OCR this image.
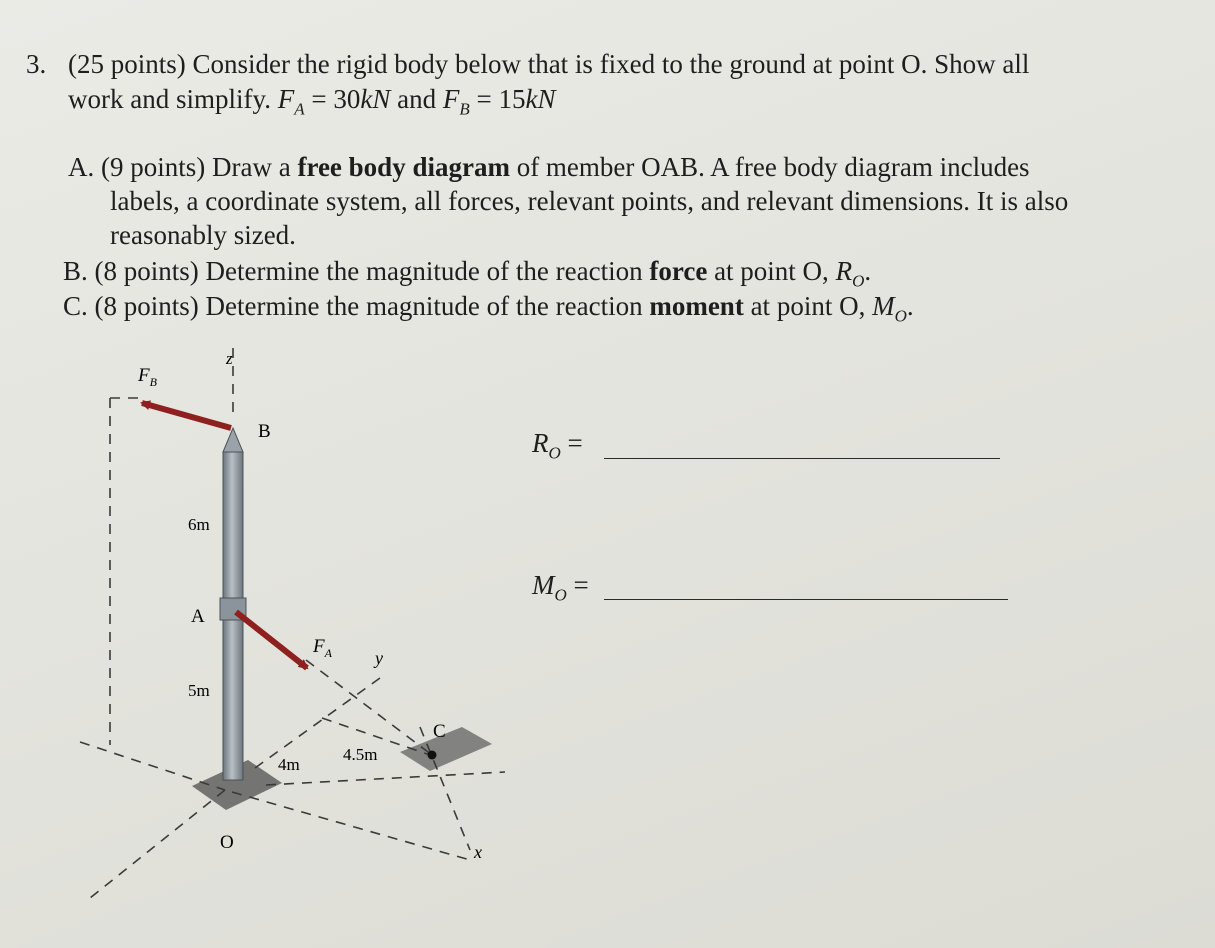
3. (25 points) Consider the rigid body below that is fixed to the ground at point O. Show all
work and simplify. $F_A = 30kN$ and $F_B = 15kN$
A. (9 points) Draw a free body diagram of member OAB. A free body diagram includes
labels, a coordinate system, all forces, relevant points, and relevant dimensions. It is also
reasonably sized.
B. (8 points) Determine the magnitude of the reaction force at point O, $R_O$.
C. (8 points) Determine the magnitude of the reaction moment at point O, $M_O$.
$R_O$ =
$M_O$ =
$F_B$
z
B
6m
A
5m
$F_A$ y
C
4.5m
4m
O	x
